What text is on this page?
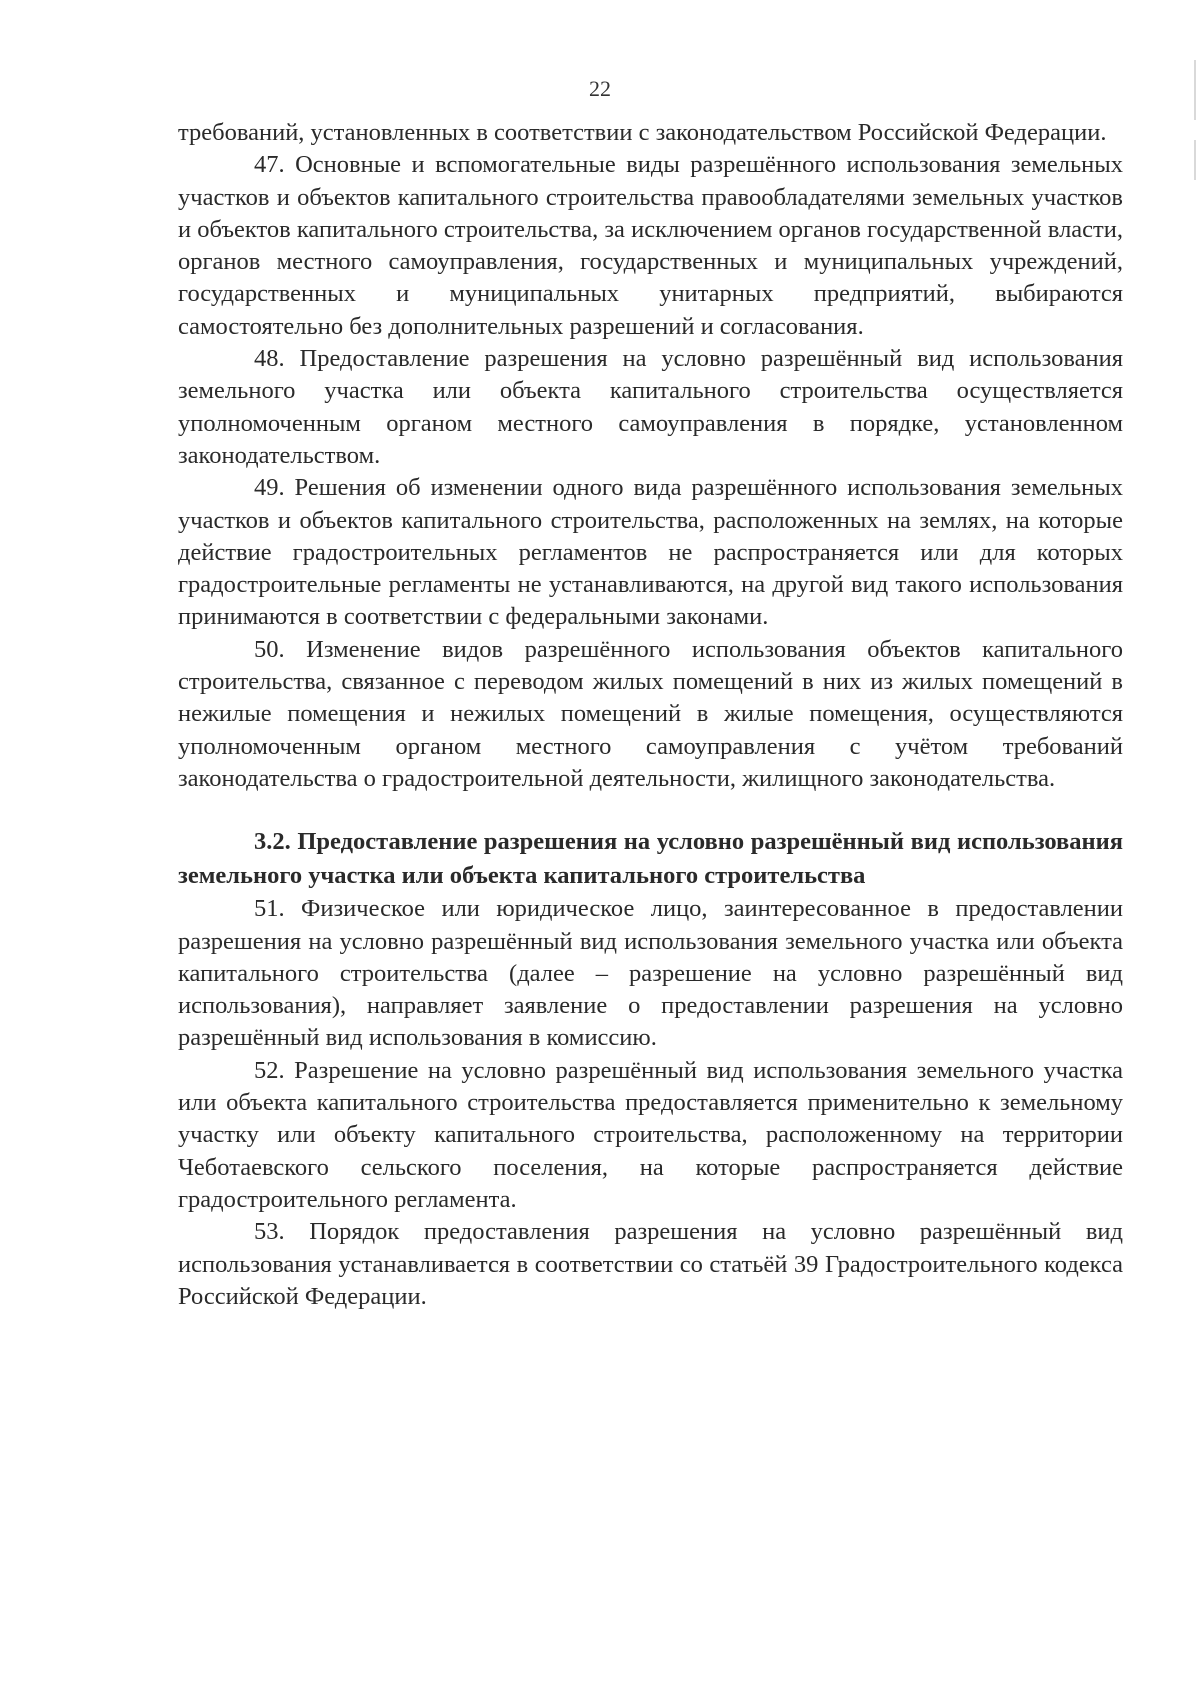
22

требований, установленных в соответствии с законодательством Российской Федерации.

47. Основные и вспомогательные виды разрешённого использования земельных участков и объектов капитального строительства правообладателями земельных участков и объектов капитального строительства, за исключением органов государственной власти, органов местного самоуправления, государственных и муниципальных учреждений, государственных и муниципальных унитарных предприятий, выбираются самостоятельно без дополнительных разрешений и согласования.

48. Предоставление разрешения на условно разрешённый вид использования земельного участка или объекта капитального строительства осуществляется уполномоченным органом местного самоуправления в порядке, установленном законодательством.

49. Решения об изменении одного вида разрешённого использования земельных участков и объектов капитального строительства, расположенных на землях, на которые действие градостроительных регламентов не распространяется или для которых градостроительные регламенты не устанавливаются, на другой вид такого использования принимаются в соответствии с федеральными законами.

50. Изменение видов разрешённого использования объектов капитального строительства, связанное с переводом жилых помещений в них из жилых помещений в нежилые помещения и нежилых помещений в жилые помещения, осуществляются уполномоченным органом местного самоуправления с учётом требований законодательства о градостроительной деятельности, жилищного законодательства.

3.2. Предоставление разрешения на условно разрешённый вид использования земельного участка или объекта капитального строительства

51. Физическое или юридическое лицо, заинтересованное в предоставлении разрешения на условно разрешённый вид использования земельного участка или объекта капитального строительства (далее – разрешение на условно разрешённый вид использования), направляет заявление о предоставлении разрешения на условно разрешённый вид использования в комиссию.

52. Разрешение на условно разрешённый вид использования земельного участка или объекта капитального строительства предоставляется применительно к земельному участку или объекту капитального строительства, расположенному на территории Чеботаевского сельского поселения, на которые распространяется действие градостроительного регламента.

53. Порядок предоставления разрешения на условно разрешённый вид использования устанавливается в соответствии со статьёй 39 Градостроительного кодекса Российской Федерации.
